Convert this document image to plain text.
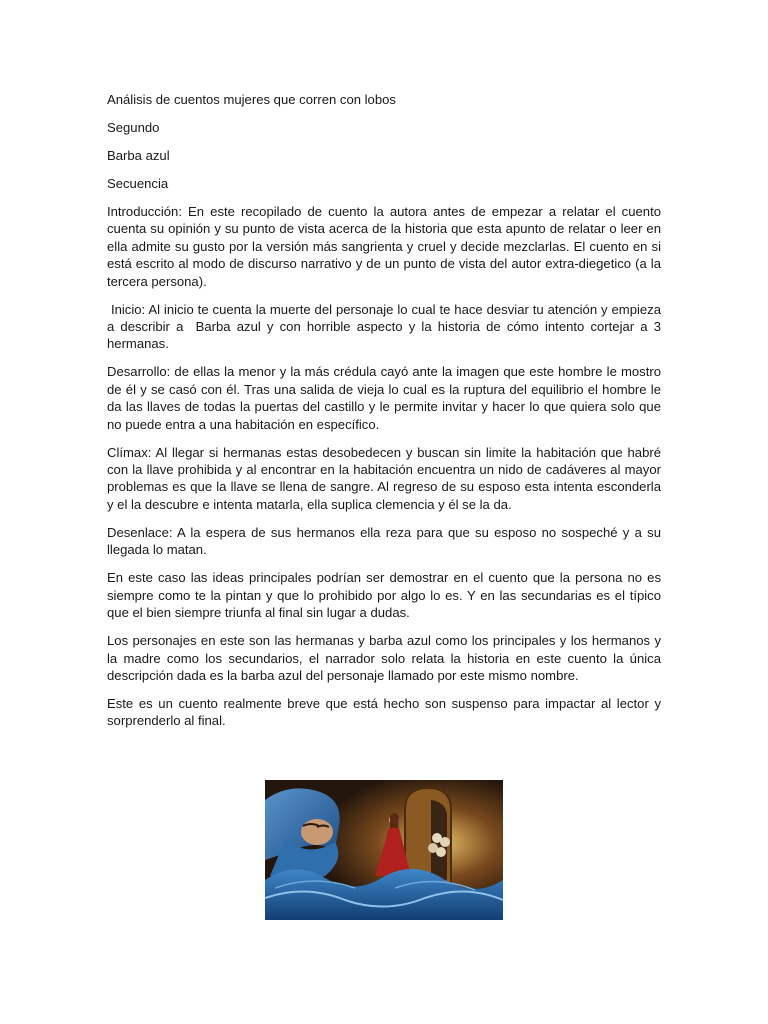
Análisis de cuentos mujeres que corren con lobos

Segundo

Barba azul

Secuencia

Introducción: En este recopilado de cuento la autora antes de empezar a relatar el cuento cuenta su opinión y su punto de vista acerca de la historia que esta apunto de relatar o leer en ella admite su gusto por la versión más sangrienta y cruel y decide mezclarlas. El cuento en si está escrito al modo de discurso narrativo y de un punto de vista del autor extra-diegetico (a la tercera persona).

Inicio: Al inicio te cuenta la muerte del personaje lo cual te hace desviar tu atención y empieza a describir a  Barba azul y con horrible aspecto y la historia de cómo intento cortejar a 3 hermanas.

Desarrollo: de ellas la menor y la más crédula cayó ante la imagen que este hombre le mostro de él y se casó con él. Tras una salida de vieja lo cual es la ruptura del equilibrio el hombre le da las llaves de todas la puertas del castillo y le permite invitar y hacer lo que quiera solo que no puede entra a una habitación en específico.

Clímax: Al llegar si hermanas estas desobedecen y buscan sin limite la habitación que habré con la llave prohibida y al encontrar en la habitación encuentra un nido de cadáveres al mayor problemas es que la llave se llena de sangre. Al regreso de su esposo esta intenta esconderla y el la descubre e intenta matarla, ella suplica clemencia y él se la da.

Desenlace: A la espera de sus hermanos ella reza para que su esposo no sospeché y a su llegada lo matan.

En este caso las ideas principales podrían ser demostrar en el cuento que la persona no es siempre como te la pintan y que lo prohibido por algo lo es. Y en las secundarias es el típico que el bien siempre triunfa al final sin lugar a dudas.

Los personajes en este son las hermanas y barba azul como los principales y los hermanos y la madre como los secundarios, el narrador solo relata la historia en este cuento la única descripción dada es la barba azul del personaje llamado por este mismo nombre.

Este es un cuento realmente breve que está hecho son suspenso para impactar al lector y sorprenderlo al final.
